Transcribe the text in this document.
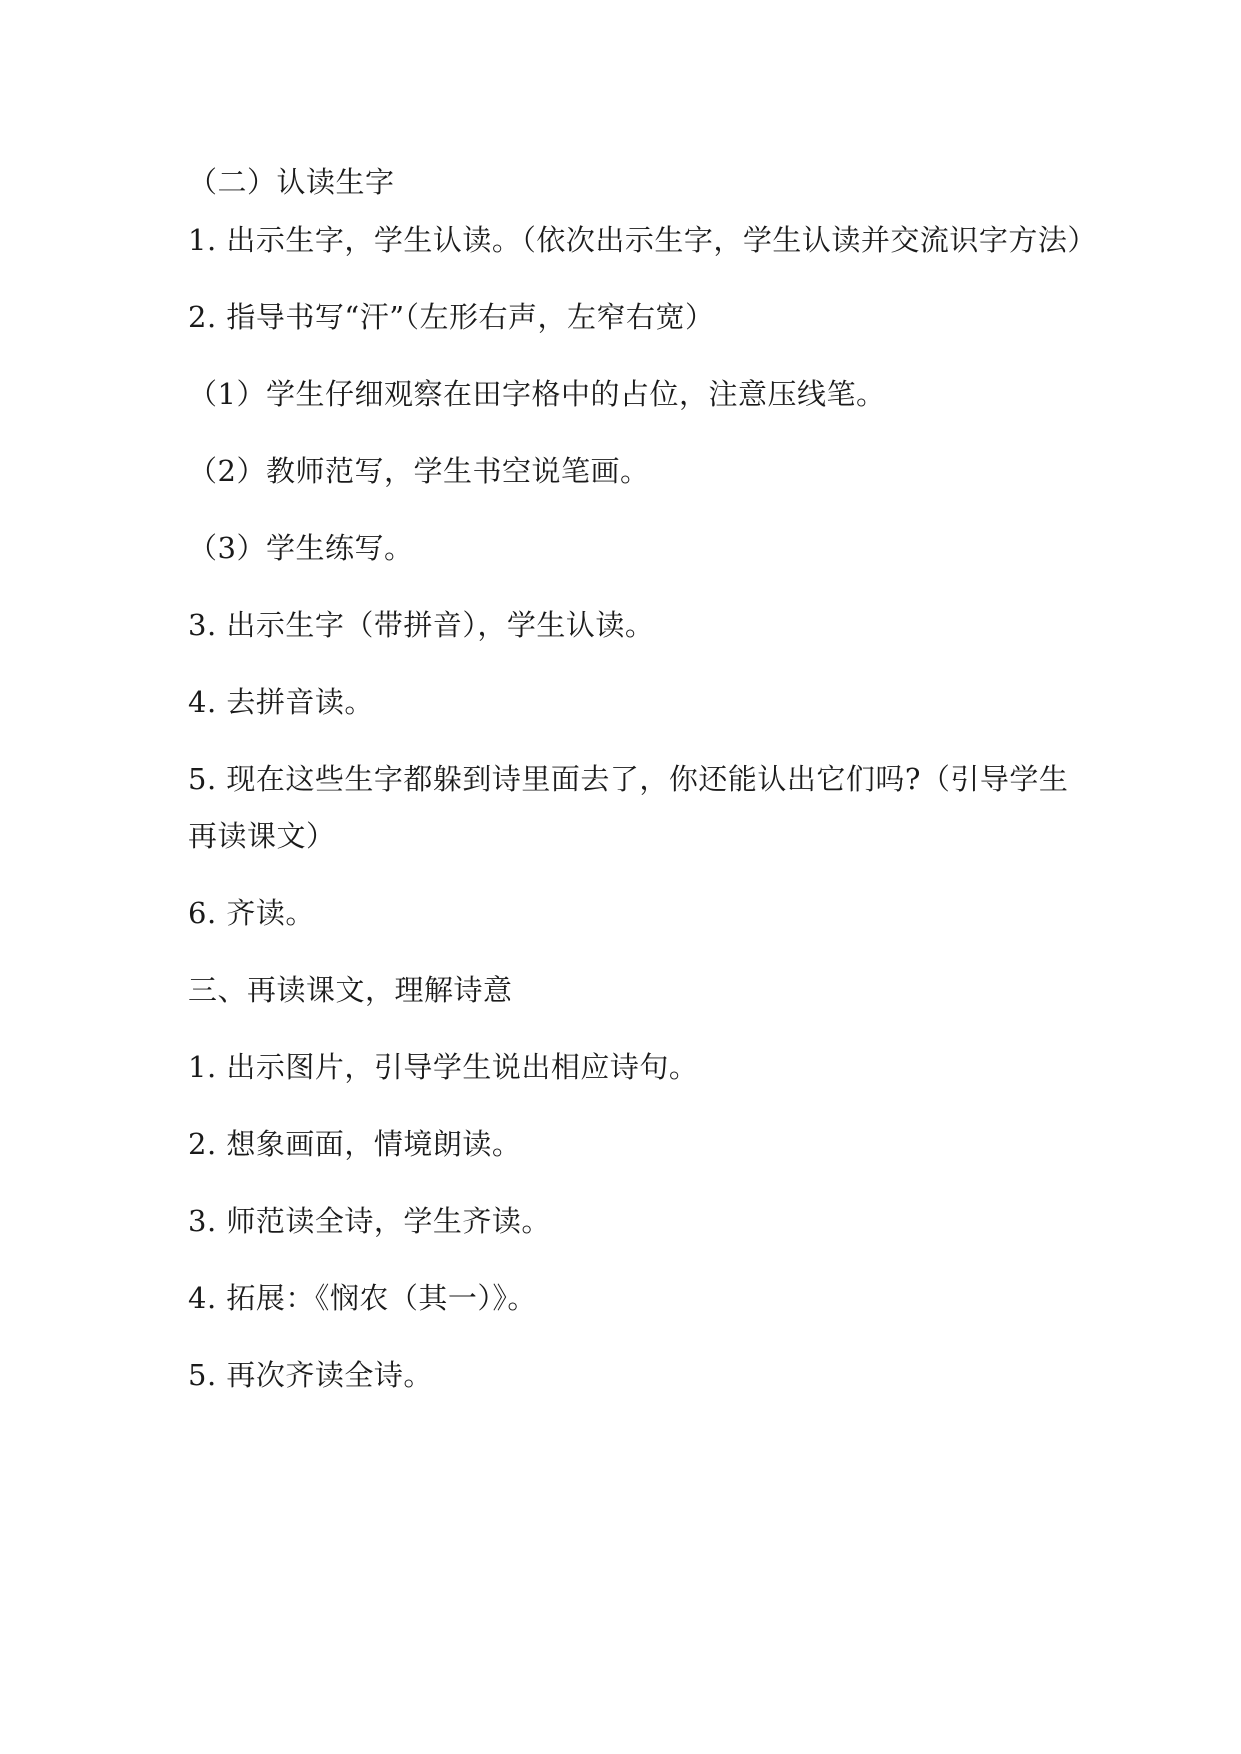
（二）认读生字

1. 出示生字，学生认读。（依次出示生字，学生认读并交流识字方法）

2. 指导书写“汗”（左形右声，左窄右宽）

（1）学生仔细观察在田字格中的占位，注意压线笔。

（2）教师范写，学生书空说笔画。

（3）学生练写。

3. 出示生字（带拼音），学生认读。

4. 去拼音读。

5. 现在这些生字都躲到诗里面去了，你还能认出它们吗?（引导学生

再读课文）

6. 齐读。

三、再读课文，理解诗意

1. 出示图片，引导学生说出相应诗句。

2. 想象画面，情境朗读。

3. 师范读全诗，学生齐读。

4. 拓展：《悯农（其一）》。

5. 再次齐读全诗。
